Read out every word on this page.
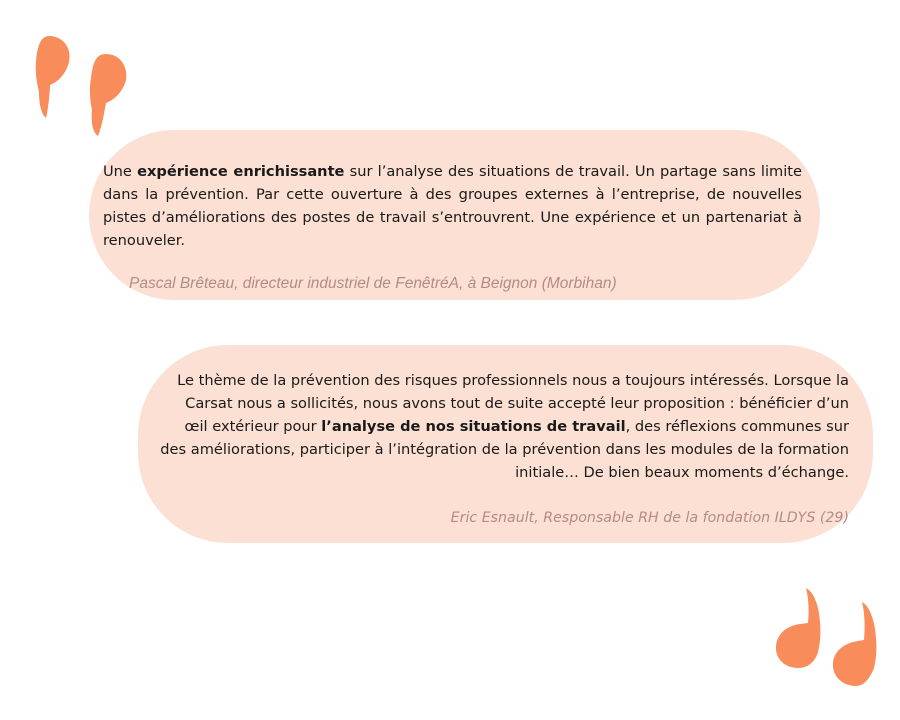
Une expérience enrichissante sur l’analyse des situations de travail. Un partage sans limite dans la prévention. Par cette ouverture à des groupes externes à l’entreprise, de nouvelles pistes d’améliorations des postes de travail s’entrouvrent. Une expérience et un partenariat à renouveler.

Pascal Brêteau, directeur industriel de FenêtréA, à Beignon (Morbihan)

Le thème de la prévention des risques professionnels nous a toujours intéressés. Lorsque la Carsat nous a sollicités, nous avons tout de suite accepté leur proposition : bénéficier d’un œil extérieur pour l’analyse de nos situations de travail, des réflexions communes sur des améliorations, participer à l’intégration de la prévention dans les modules de la formation initiale… De bien beaux moments d’échange.

Eric Esnault, Responsable RH de la fondation ILDYS (29)
